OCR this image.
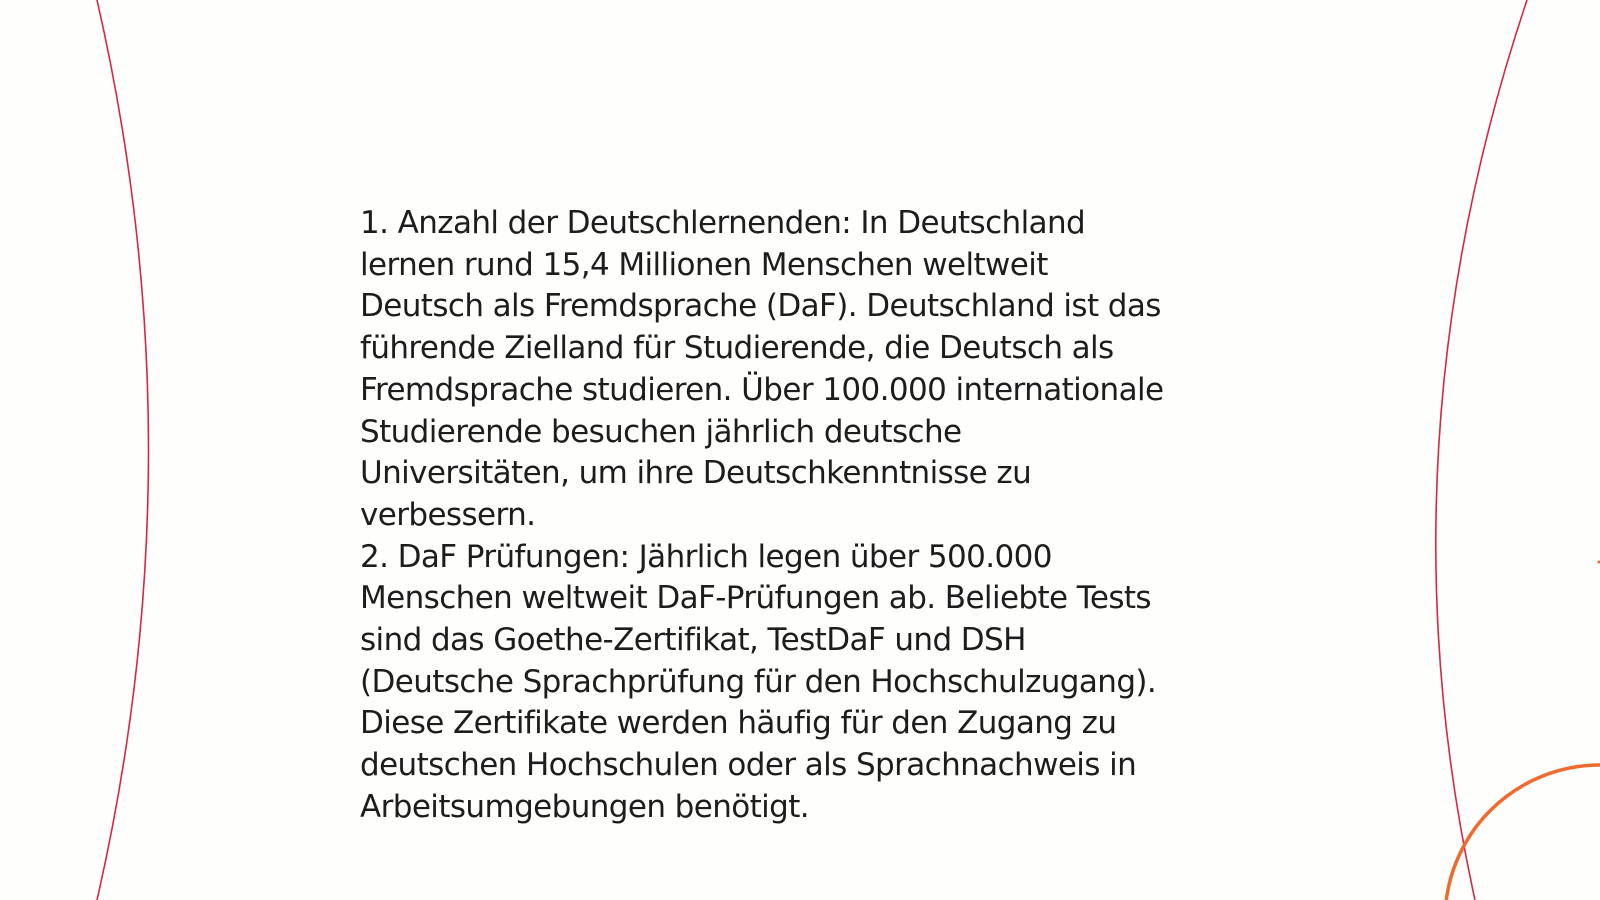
1. Anzahl der Deutschlernenden: In Deutschland
lernen rund 15,4 Millionen Menschen weltweit
Deutsch als Fremdsprache (DaF). Deutschland ist das
führende Zielland für Studierende, die Deutsch als
Fremdsprache studieren. Über 100.000 internationale
Studierende besuchen jährlich deutsche
Universitäten, um ihre Deutschkenntnisse zu
verbessern.

2. DaF Prüfungen: Jährlich legen über 500.000
Menschen weltweit DaF-Prüfungen ab. Beliebte Tests
sind das Goethe-Zertifikat, TestDaF und DSH
(Deutsche Sprachprüfung für den Hochschulzugang).
Diese Zertifikate werden häufig für den Zugang zu
deutschen Hochschulen oder als Sprachnachweis in
Arbeitsumgebungen benötigt.
